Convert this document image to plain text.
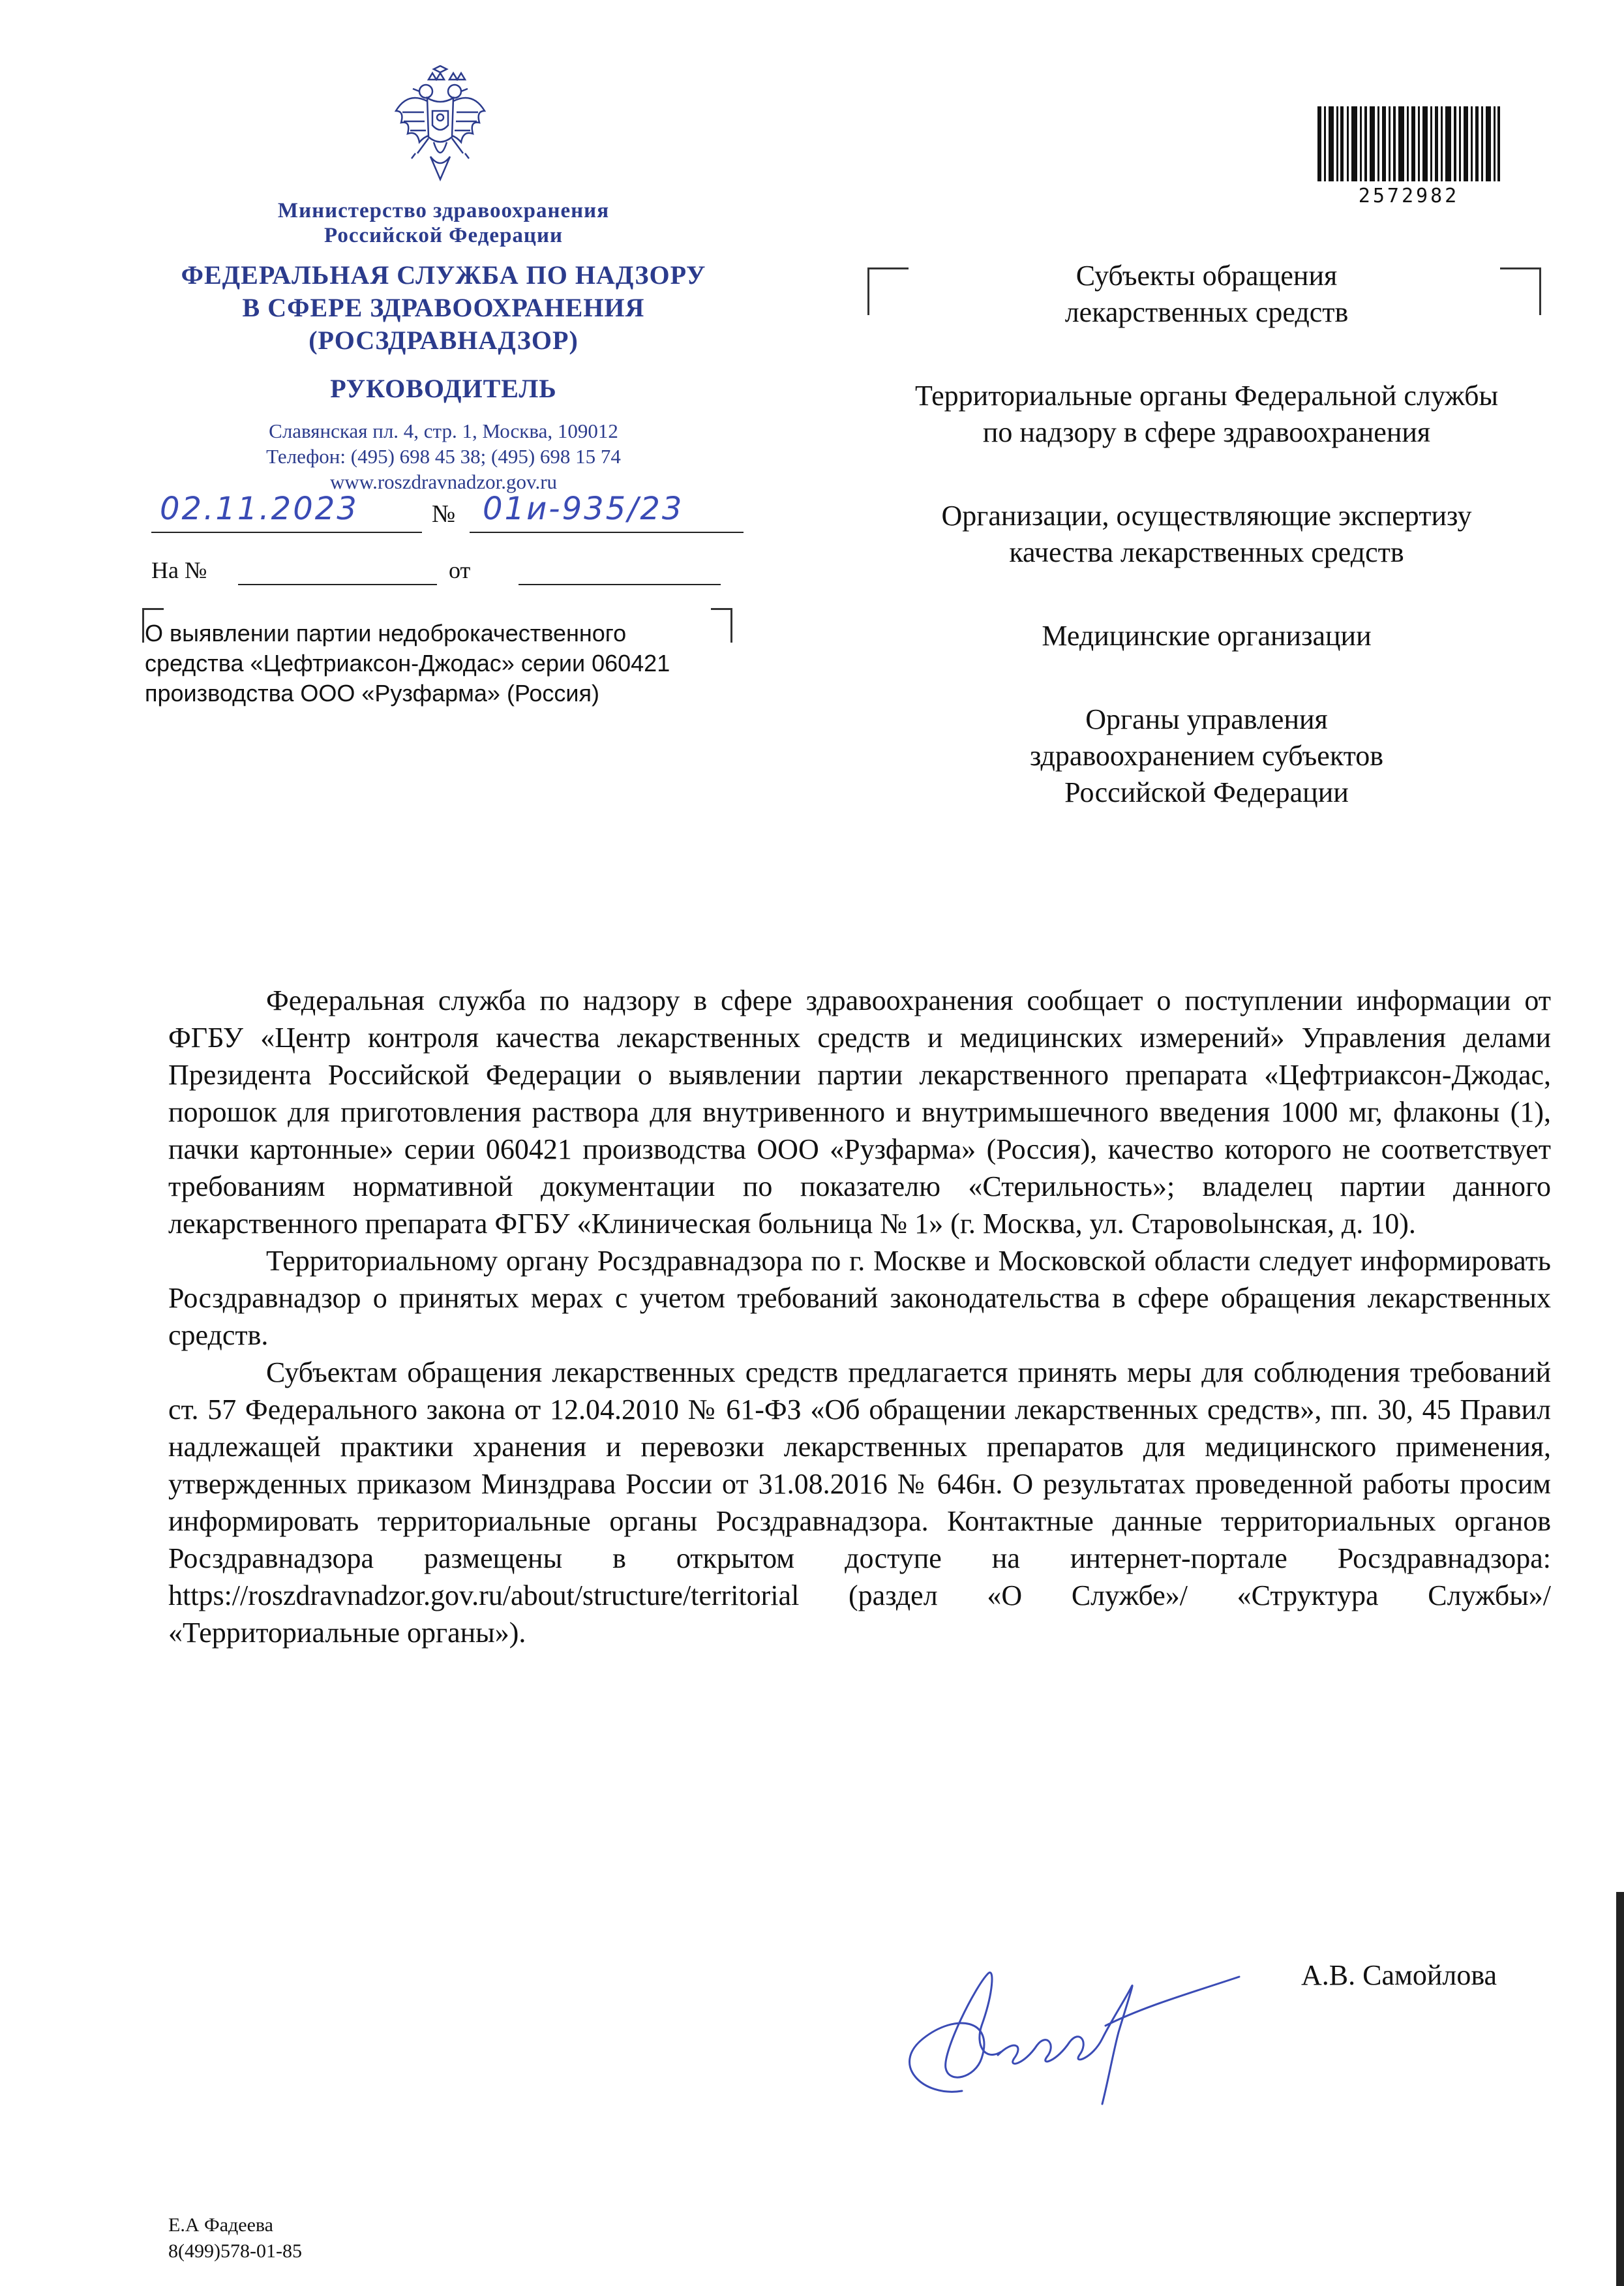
Министерство здравоохранения
Российской Федерации
ФЕДЕРАЛЬНАЯ СЛУЖБА ПО НАДЗОРУ
В СФЕРЕ ЗДРАВООХРАНЕНИЯ
(РОСЗДРАВНАДЗОР)
РУКОВОДИТЕЛЬ
Славянская пл. 4, стр. 1, Москва, 109012
Телефон: (495) 698 45 38; (495) 698 15 74
www.roszdravnadzor.gov.ru
02.11.2023	№ 01и-935/23
На №	от
О выявлении партии недоброкачественного
средства «Цефтриаксон-Джодас» серии 060421
производства ООО «Рузфарма» (Россия)
2572982
Субъекты обращения лекарственных средств
Территориальные органы Федеральной службы по надзору в сфере здравоохранения
Организации, осуществляющие экспертизу качества лекарственных средств
Медицинские организации
Органы управления здравоохранением субъектов Российской Федерации

Федеральная служба по надзору в сфере здравоохранения сообщает о поступлении информации от ФГБУ «Центр контроля качества лекарственных средств и медицинских измерений» Управления делами Президента Российской Федерации о выявлении партии лекарственного препарата «Цефтриаксон-Джодас, порошок для приготовления раствора для внутривенного и внутримышечного введения 1000 мг, флаконы (1), пачки картонные» серии 060421 производства ООО «Рузфарма» (Россия), качество которого не соответствует требованиям нормативной документации по показателю «Стерильность»; владелец партии данного лекарственного препарата ФГБУ «Клиническая больница № 1» (г. Москва, ул. Старовolынская, д. 10).

Территориальному органу Росздравнадзора по г. Москве и Московской области следует информировать Росздравнадзор о принятых мерах с учетом требований законодательства в сфере обращения лекарственных средств.

Субъектам обращения лекарственных средств предлагается принять меры для соблюдения требований ст. 57 Федерального закона от 12.04.2010 № 61-ФЗ «Об обращении лекарственных средств», пп. 30, 45 Правил надлежащей практики хранения и перевозки лекарственных препаратов для медицинского применения, утвержденных приказом Минздрава России от 31.08.2016 № 646н. О результатах проведенной работы просим информировать территориальные органы Росздравнадзора. Контактные данные территориальных органов Росздравнадзора размещены в открытом доступе на интернет-портале Росздравнадзора: https://roszdravnadzor.gov.ru/about/structure/territorial (раздел «О Службе»/ «Структура Службы»/ «Территориальные органы»).

А.В. Самойлова
Е.А Фадеева
8(499)578-01-85
